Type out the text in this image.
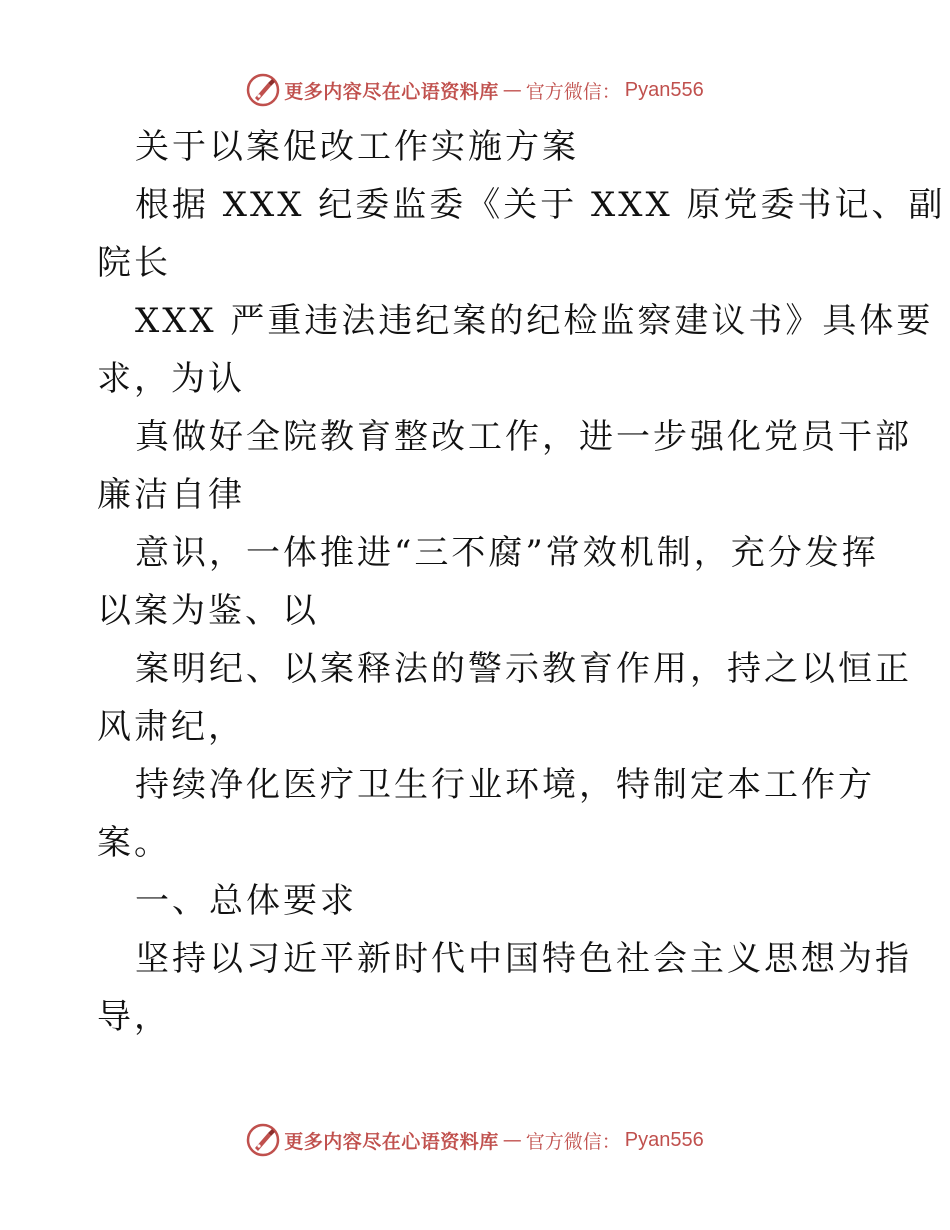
更多内容尽在心语资料库 — 官方微信： Pyan556
关于以案促改工作实施方案
根据 XXX 纪委监委《关于 XXX 原党委书记、副
院长
XXX 严重违法违纪案的纪检监察建议书》具体要
求，为认
真做好全院教育整改工作，进一步强化党员干部
廉洁自律
意识，一体推进“三不腐”常效机制，充分发挥
以案为鉴、以
案明纪、以案释法的警示教育作用，持之以恒正
风肃纪，
持续净化医疗卫生行业环境，特制定本工作方
案。
一、总体要求
坚持以习近平新时代中国特色社会主义思想为指
导，
更多内容尽在心语资料库 — 官方微信： Pyan556
